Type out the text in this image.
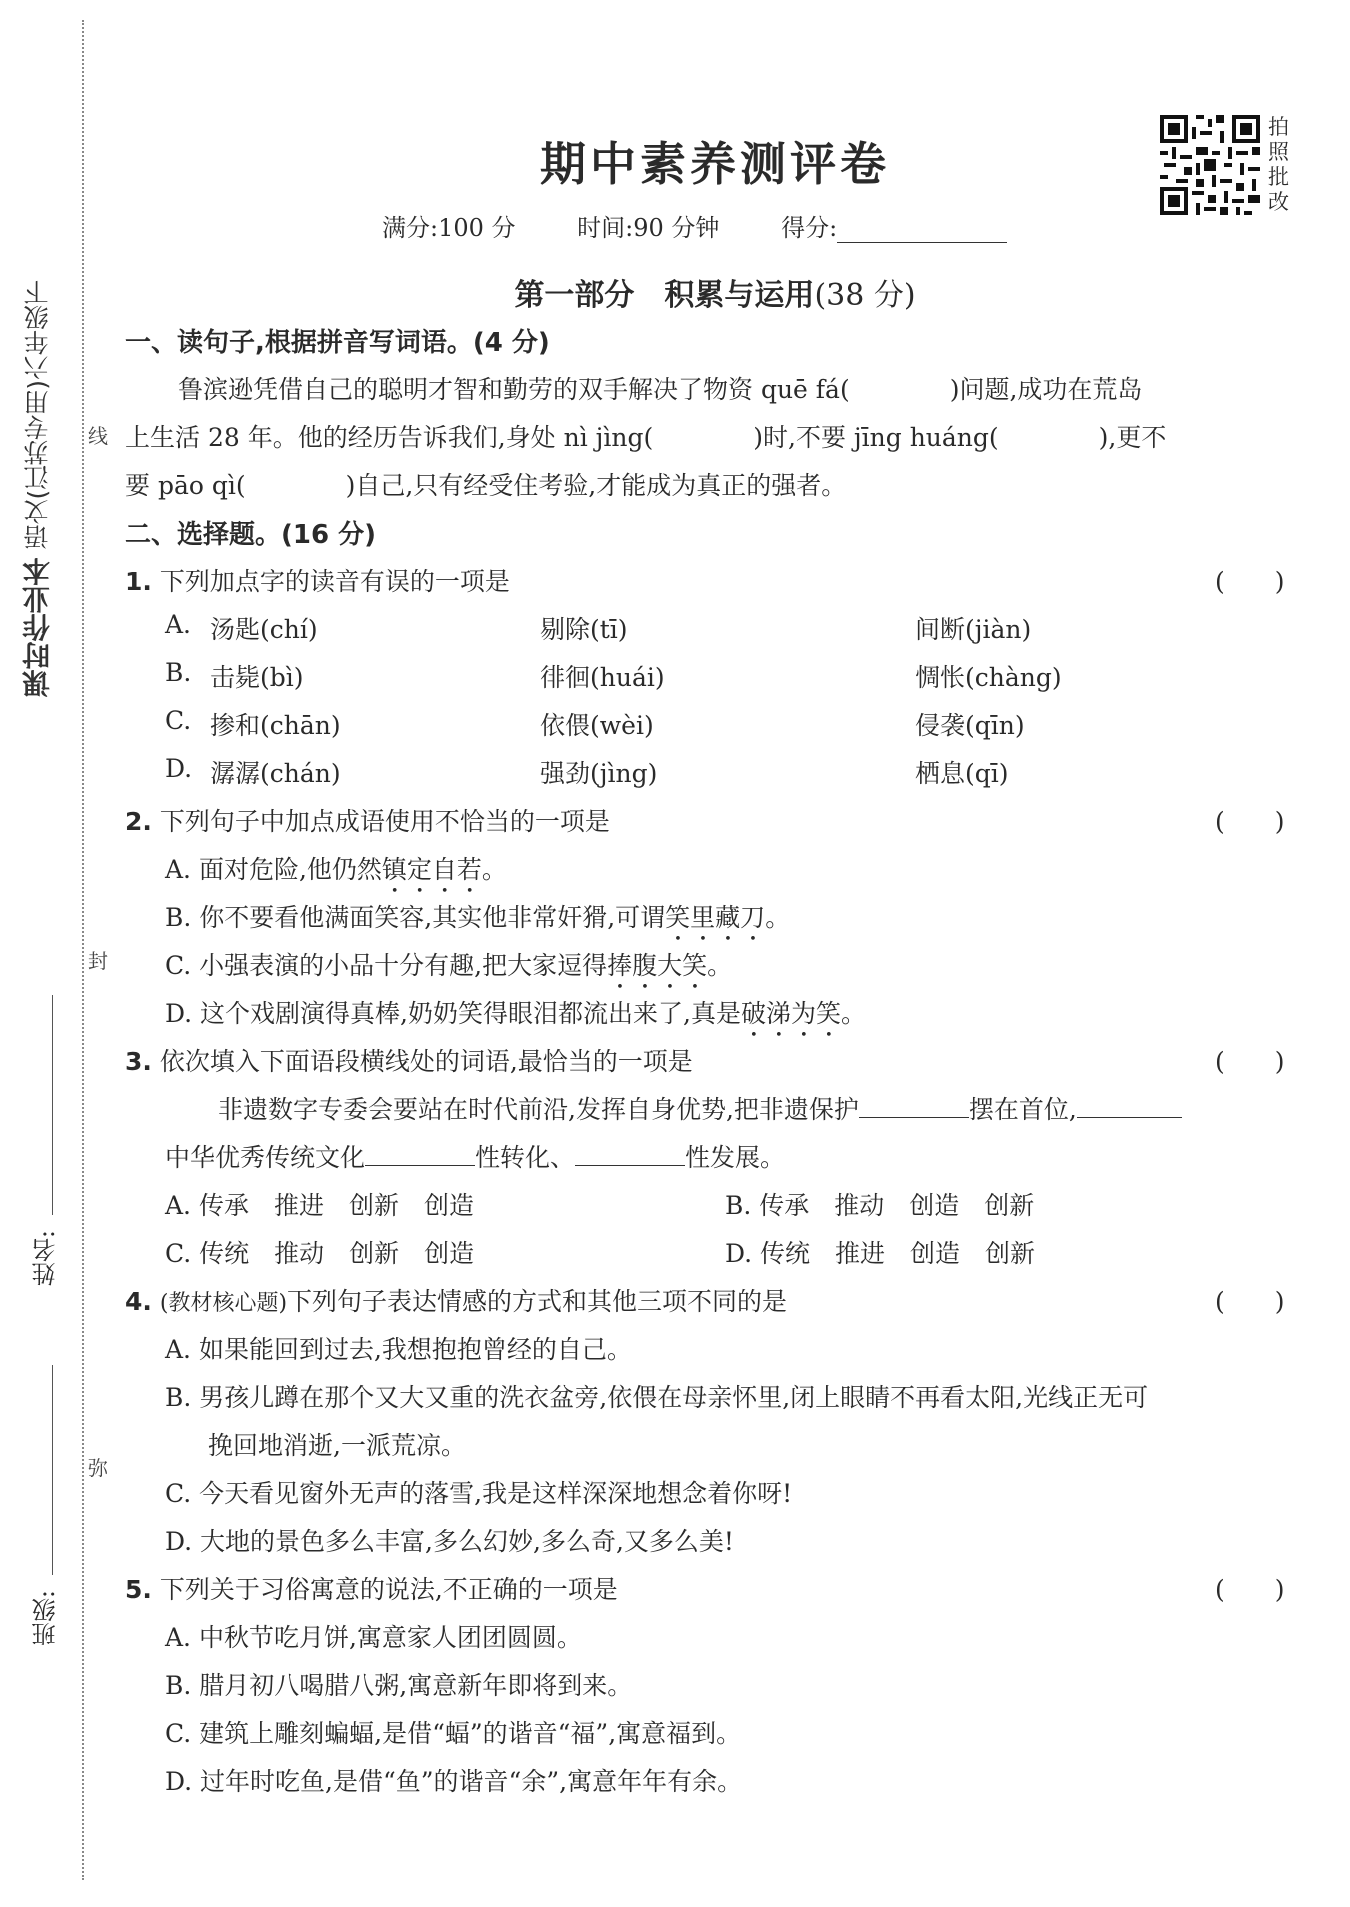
课时作业本 语文(江苏专用)六年级下	线
封
弥
姓名:
班级:
期中素养测评卷
满分:100 分	时间:90 分钟	得分:
拍照批改
第一部分　积累与运用(38 分)
一、读句子,根据拼音写词语。(4 分)
鲁滨逊凭借自己的聪明才智和勤劳的双手解决了物资 quē fá(　　　　)问题,成功在荒岛
上生活 28 年。他的经历告诉我们,身处 nì jìng(　　　　)时,不要 jīng huáng(　　　　),更不
要 pāo qì(　　　　)自己,只有经受住考验,才能成为真正的强者。
二、选择题。(16 分)
1. 下列加点字的读音有误的一项是	(　　)
A. 汤匙(chí)	剔除(tī)	间断(jiàn)
B. 击毙(bì)	徘徊(huái)	惆怅(chàng)
C. 掺和(chān)	依偎(wèi)	侵袭(qīn)
D. 潺潺(chán)	强劲(jìng)	栖息(qī)
2. 下列句子中加点成语使用不恰当的一项是	(　　)
A. 面对危险,他仍然镇定自若。
B. 你不要看他满面笑容,其实他非常奸猾,可谓笑里藏刀。
C. 小强表演的小品十分有趣,把大家逗得捧腹大笑。
D. 这个戏剧演得真棒,奶奶笑得眼泪都流出来了,真是破涕为笑。
3. 依次填入下面语段横线处的词语,最恰当的一项是	(　　)
非遗数字专委会要站在时代前沿,发挥自身优势,把非遗保护	摆在首位,
中华优秀传统文化	性转化、	性发展。
A. 传承　推进　创新　创造	B. 传承　推动　创造　创新
C. 传统　推动　创新　创造	D. 传统　推进　创造　创新
4. (教材核心题)下列句子表达情感的方式和其他三项不同的是	(　　)
A. 如果能回到过去,我想抱抱曾经的自己。
B. 男孩儿蹲在那个又大又重的洗衣盆旁,依偎在母亲怀里,闭上眼睛不再看太阳,光线正无可
挽回地消逝,一派荒凉。
C. 今天看见窗外无声的落雪,我是这样深深地想念着你呀!
D. 大地的景色多么丰富,多么幻妙,多么奇,又多么美!
5. 下列关于习俗寓意的说法,不正确的一项是	(　　)
A. 中秋节吃月饼,寓意家人团团圆圆。
B. 腊月初八喝腊八粥,寓意新年即将到来。
C. 建筑上雕刻蝙蝠,是借“蝠”的谐音“福”,寓意福到。
D. 过年时吃鱼,是借“鱼”的谐音“余”,寓意年年有余。
